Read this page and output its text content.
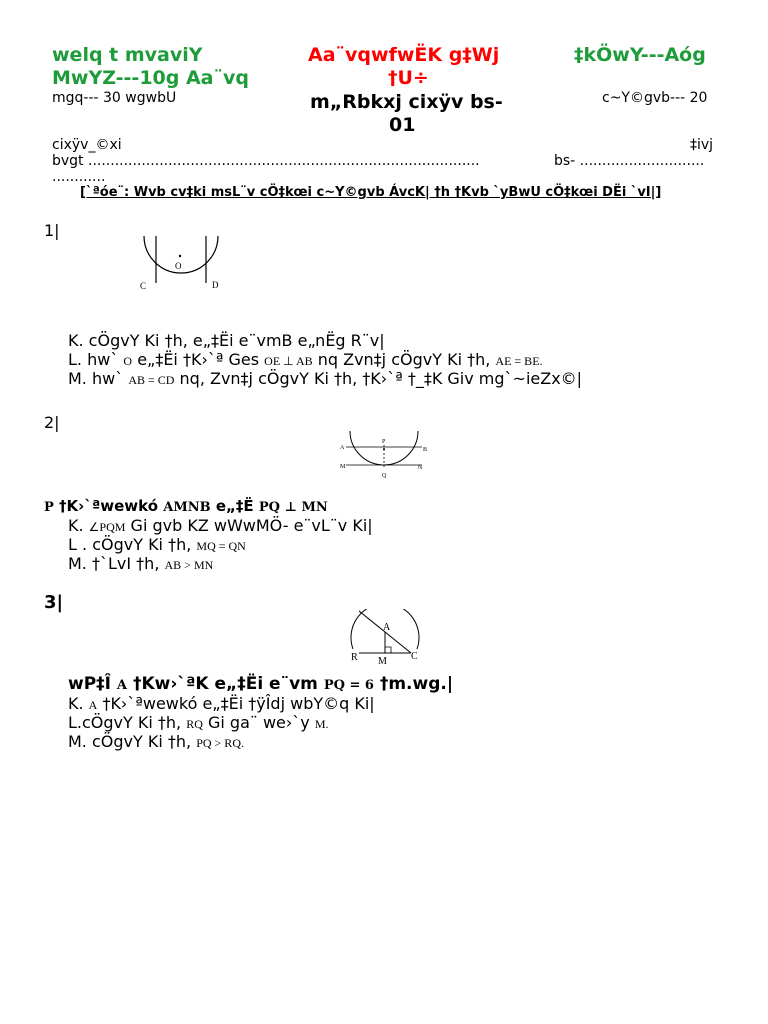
welq t mvaviY
MwYZ---10g Aa¨vq
Aa¨vqwfwËK g‡Wj
†U÷
‡kÖwY---Aóg
mgq--- 30 wgwbU	m„Rbkxj cixÿv bs-
01
c~Y©gvb--- 20
cixÿv_©xi	‡ivj
bvgt ........................................................................................
............
bs- ............................
[`ªóe¨: Wvb cv‡ki msL¨v cÖ‡kœi c~Y©gvb ÁvcK| †h †Kvb `yBwU cÖ‡kœi DËi `vI|]
1|
O
C	D
K. cÖgvY Ki †h, e„‡Ëi e¨vmB e„nËg R¨v|
L. hw` O e„‡Ëi †K›`ª Ges OE ⊥ AB nq Zvn‡j cÖgvY Ki †h, AE = BE.
M. hw` AB = CD nq, Zvn‡j cÖgvY Ki †h, †K›`ª †_‡K Giv mg`~ieZx©|
2|
P
Q
A	B
M	N
P †K›`ªwewkó AMNB e„‡Ë PQ ⊥ MN
K. ∠PQM Gi gvb KZ wWwMÖ- e¨vL¨v Ki|
L . cÖgvY Ki †h, MQ = QN
M. †`LvI †h, AB > MN
3|
A
R M C
wP‡Î A †Kw›`ªK e„‡Ëi e¨vm PQ = 6 †m.wg.|
K. A †K›`ªwewkó e„‡Ëi †ÿÎdj wbY©q Ki|
L.cÖgvY Ki †h, RQ Gi ga¨ we›`y M.
M. cÖgvY Ki †h, PQ > RQ.
